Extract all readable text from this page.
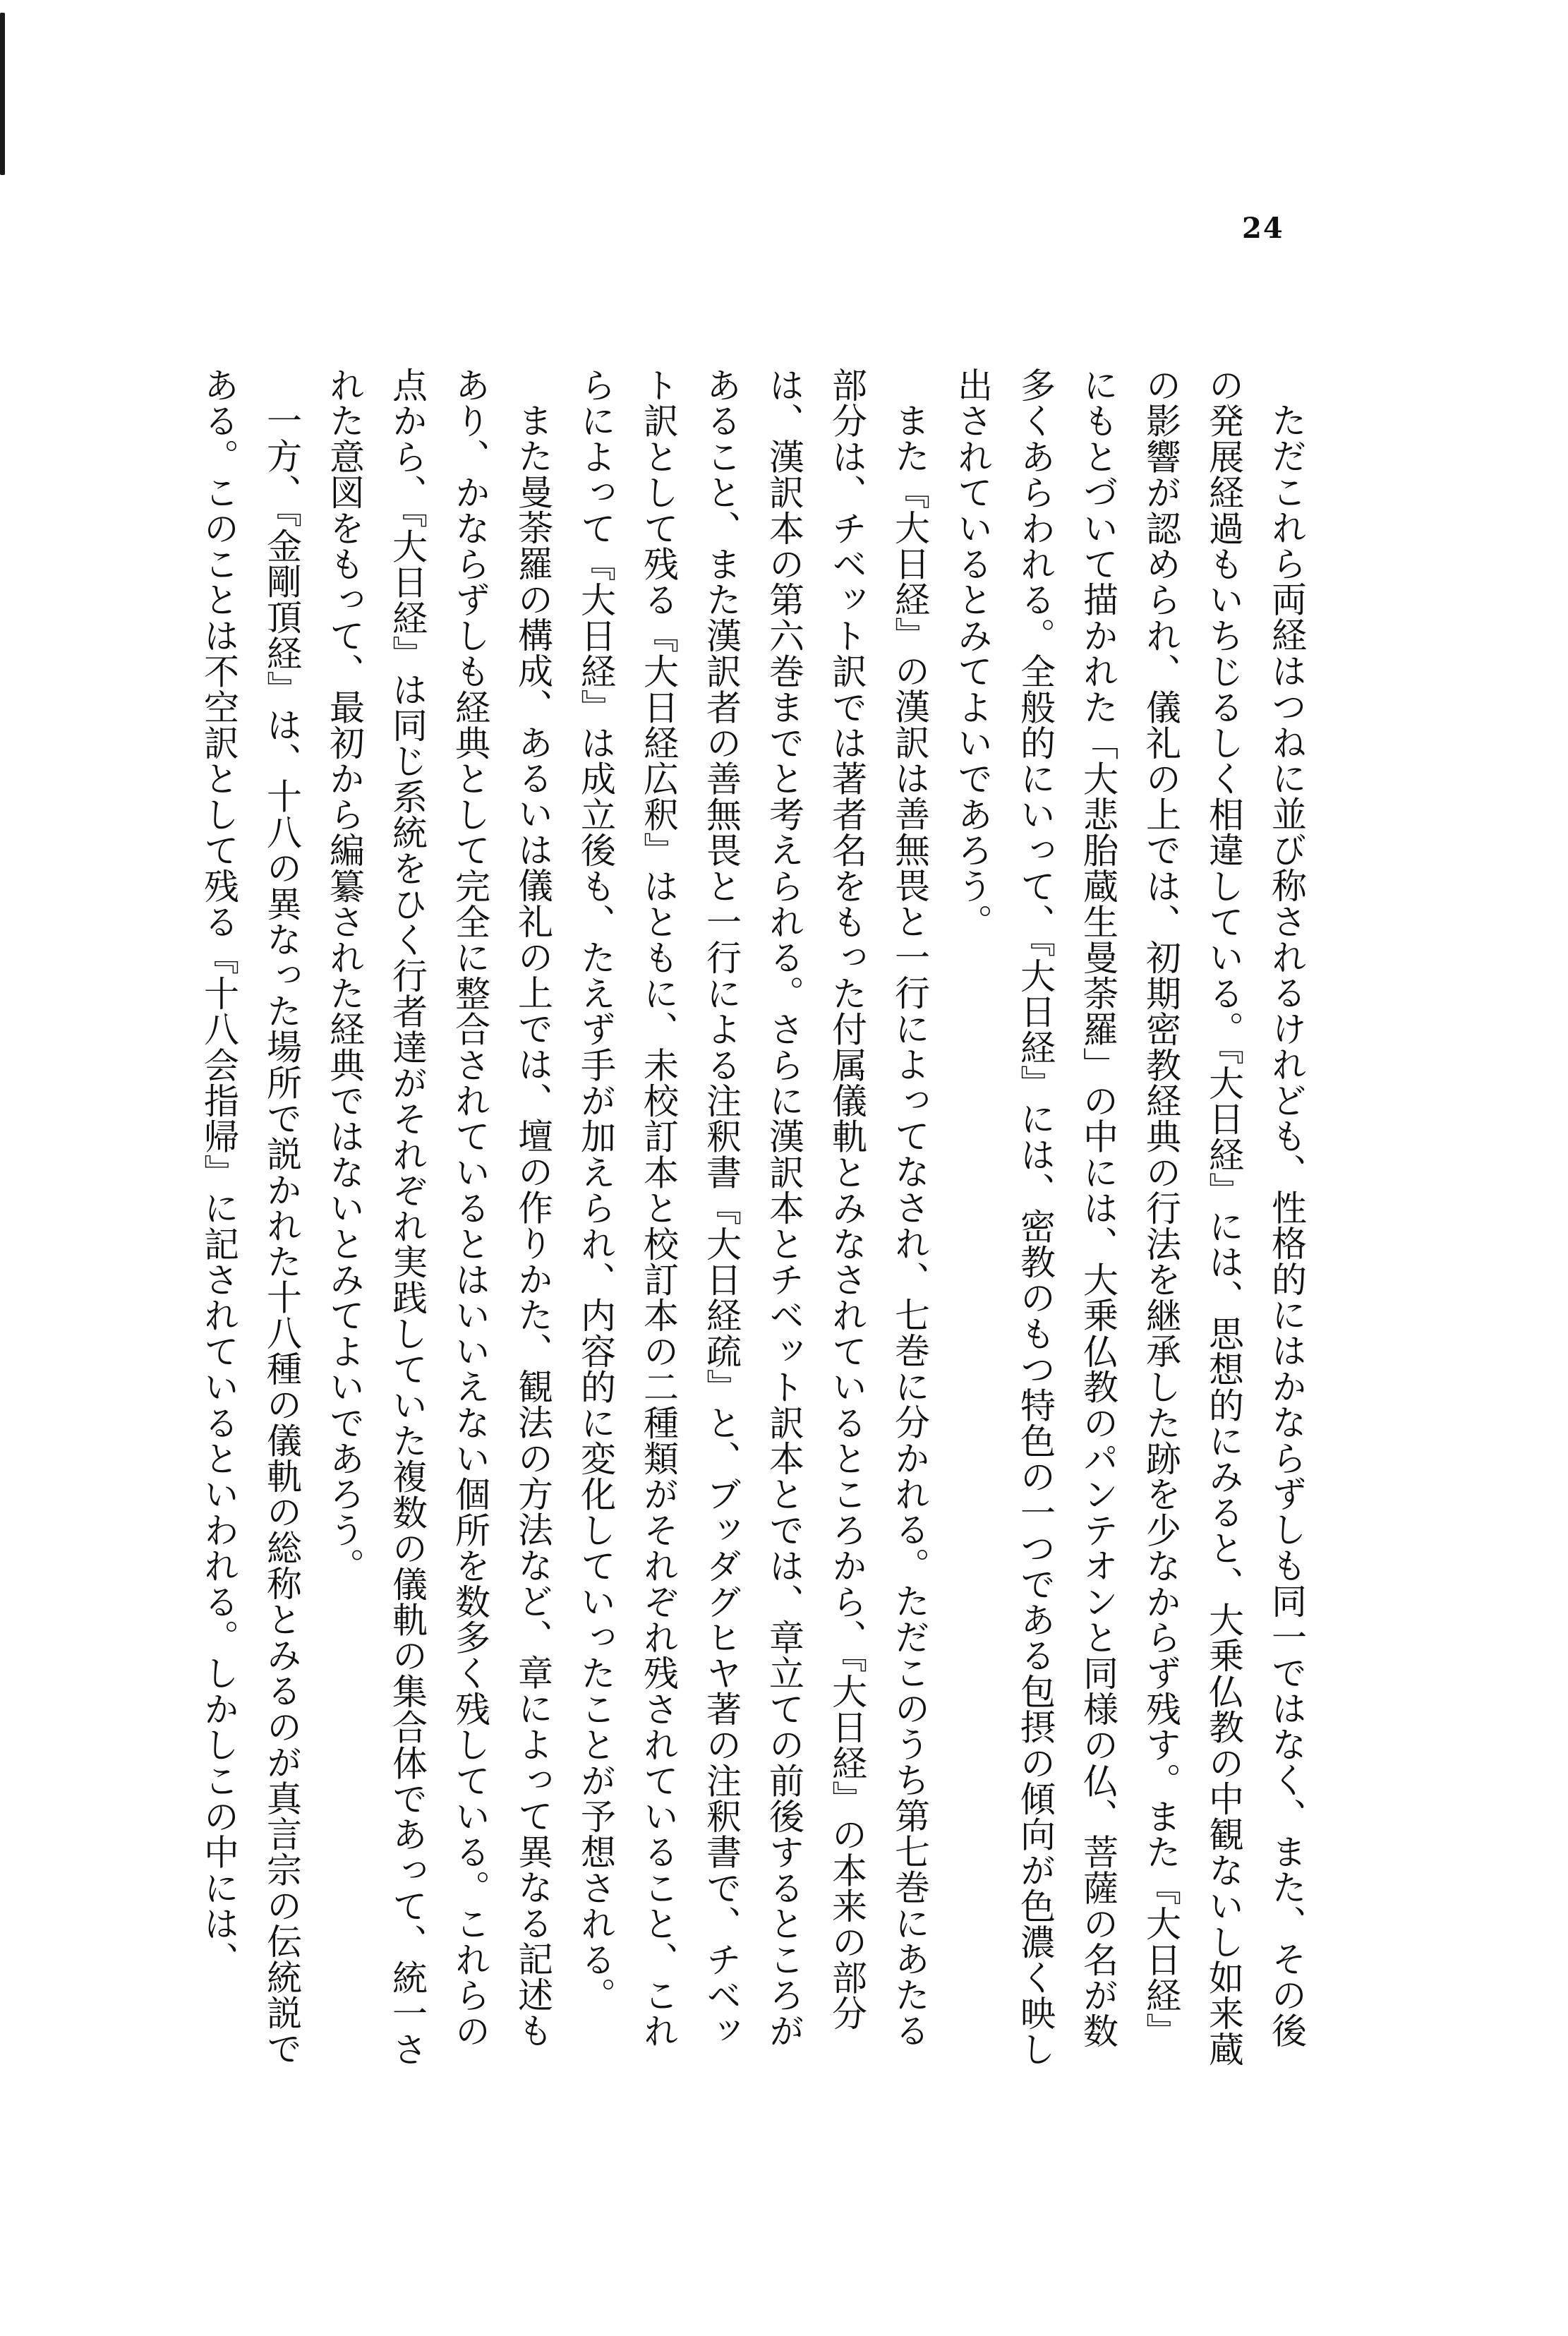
24

ただこれら両経はつねに並び称されるけれども、性格的にはかならずしも同一ではなく、また、その後の発展経過もいちじるしく相違している。『大日経』には、思想的にみると、大乗仏教の中観ないし如来蔵の影響が認められ、儀礼の上では、初期密教経典の行法を継承した跡を少なからず残す。また『大日経』にもとづいて描かれた「大悲胎蔵生曼荼羅」の中には、大乗仏教のパンテオンと同様の仏、菩薩の名が数多くあらわれる。全般的にいって、『大日経』には、密教のもつ特色の一つである包摂の傾向が色濃く映し出されているとみてよいであろう。

また『大日経』の漢訳は善無畏と一行によってなされ、七巻に分かれる。ただこのうち第七巻にあたる部分は、チベット訳では著者名をもった付属儀軌とみなされているところから、『大日経』の本来の部分は、漢訳本の第六巻までと考えられる。さらに漢訳本とチベット訳本とでは、章立ての前後するところがあること、また漢訳者の善無畏と一行による注釈書『大日経疏』と、ブッダグヒヤ著の注釈書で、チベット訳として残る『大日経広釈』はともに、未校訂本と校訂本の二種類がそれぞれ残されていること、これらによって『大日経』は成立後も、たえず手が加えられ、内容的に変化していったことが予想される。

また曼荼羅の構成、あるいは儀礼の上では、壇の作りかた、観法の方法など、章によって異なる記述もあり、かならずしも経典として完全に整合されているとはいいえない個所を数多く残している。これらの点から、『大日経』は同じ系統をひく行者達がそれぞれ実践していた複数の儀軌の集合体であって、統一された意図をもって、最初から編纂された経典ではないとみてよいであろう。

一方、『金剛頂経』は、十八の異なった場所で説かれた十八種の儀軌の総称とみるのが真言宗の伝統説である。このことは不空訳として残る『十八会指帰』に記されているといわれる。しかしこの中には、
